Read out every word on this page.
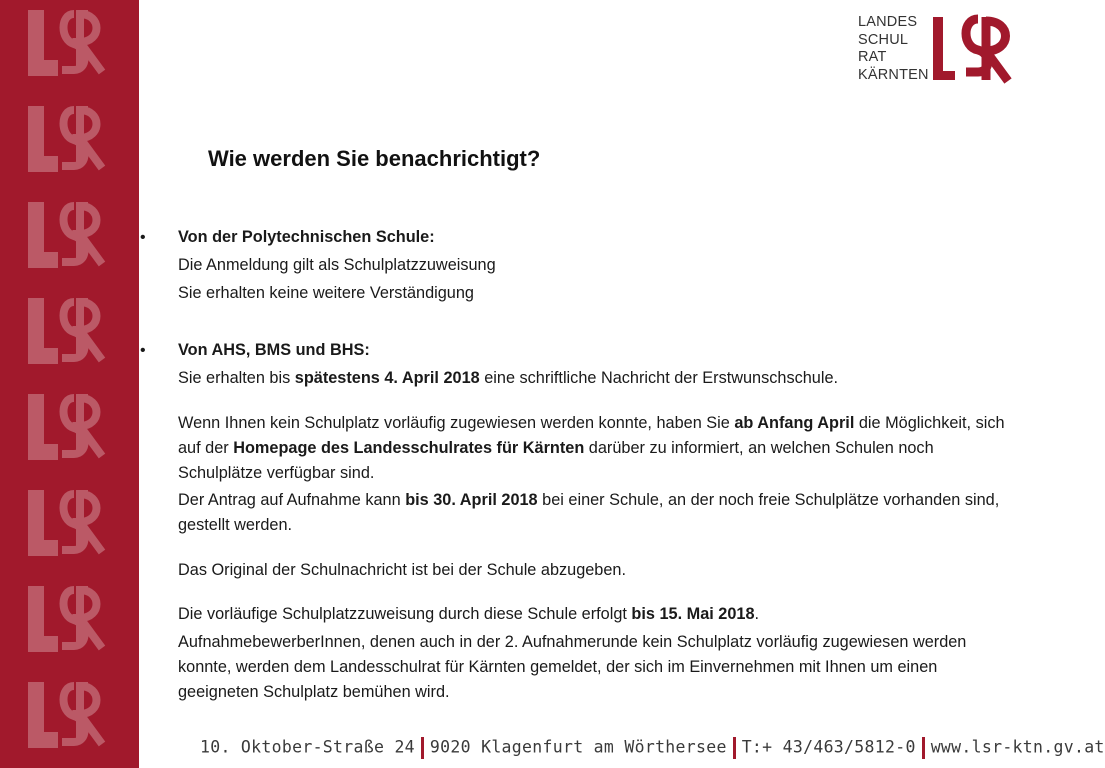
LANDES
SCHUL
RAT
KÄRNTEN
Wie werden Sie benachrichtigt?
• Von der Polytechnischen Schule:
Die Anmeldung gilt als Schulplatzzuweisung
Sie erhalten keine weitere Verständigung
• Von AHS, BMS und BHS:
Sie erhalten bis spätestens 4. April 2018 eine schriftliche Nachricht der Erstwunschschule.
Wenn Ihnen kein Schulplatz vorläufig zugewiesen werden konnte, haben Sie ab Anfang April die Möglichkeit, sich auf der Homepage des Landesschulrates für Kärnten darüber zu informiert, an welchen Schulen noch Schulplätze verfügbar sind.
Der Antrag auf Aufnahme kann bis 30. April 2018 bei einer Schule, an der noch freie Schulplätze vorhanden sind, gestellt werden.
Das Original der Schulnachricht ist bei der Schule abzugeben.
Die vorläufige Schulplatzzuweisung durch diese Schule erfolgt bis 15. Mai 2018.
AufnahmebewerberInnen, denen auch in der 2. Aufnahmerunde kein Schulplatz vorläufig zugewiesen werden konnte, werden dem Landesschulrat für Kärnten gemeldet, der sich im Einvernehmen mit Ihnen um einen geeigneten Schulplatz bemühen wird.
10. Oktober-Straße 24 9020 Klagenfurt am Wörthersee T:+ 43/463/5812-0 www.lsr-ktn.gv.at
